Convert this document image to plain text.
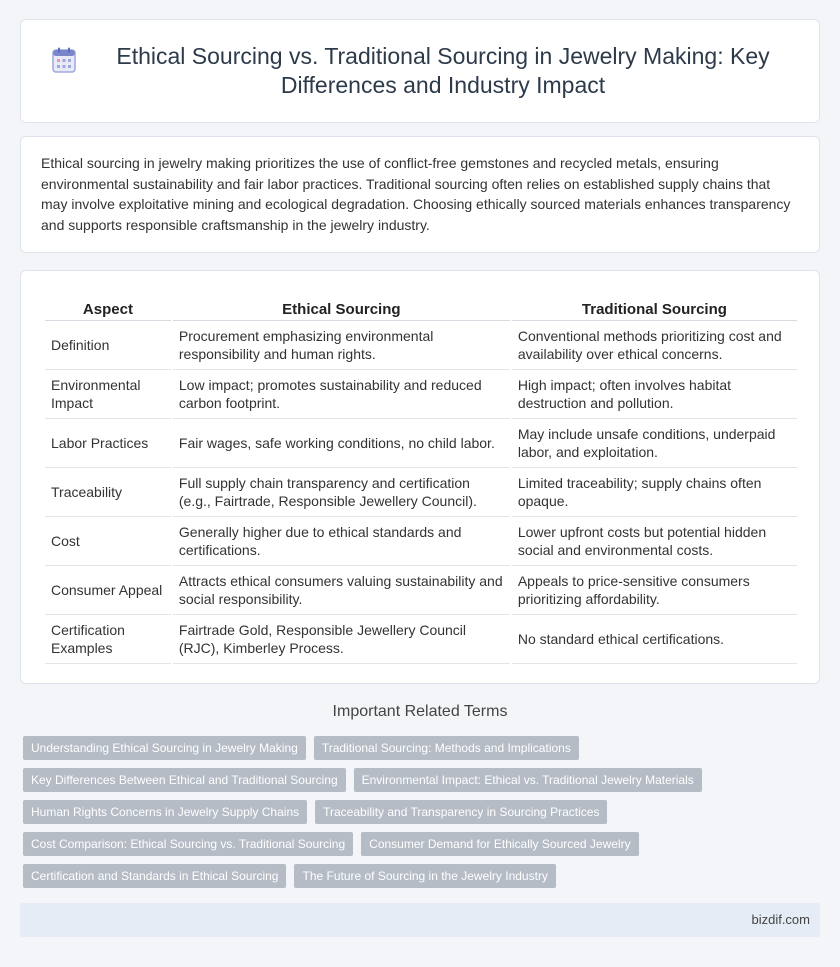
Ethical Sourcing vs. Traditional Sourcing in Jewelry Making: Key Differences and Industry Impact

Ethical sourcing in jewelry making prioritizes the use of conflict-free gemstones and recycled metals, ensuring environmental sustainability and fair labor practices. Traditional sourcing often relies on established supply chains that may involve exploitative mining and ecological degradation. Choosing ethically sourced materials enhances transparency and supports responsible craftsmanship in the jewelry industry.

Aspect	Ethical Sourcing	Traditional Sourcing
Definition	Procurement emphasizing environmental responsibility and human rights.	Conventional methods prioritizing cost and availability over ethical concerns.
Environmental Impact	Low impact; promotes sustainability and reduced carbon footprint.	High impact; often involves habitat destruction and pollution.
Labor Practices	Fair wages, safe working conditions, no child labor.	May include unsafe conditions, underpaid labor, and exploitation.
Traceability	Full supply chain transparency and certification (e.g., Fairtrade, Responsible Jewellery Council).	Limited traceability; supply chains often opaque.
Cost	Generally higher due to ethical standards and certifications.	Lower upfront costs but potential hidden social and environmental costs.
Consumer Appeal	Attracts ethical consumers valuing sustainability and social responsibility.	Appeals to price-sensitive consumers prioritizing affordability.
Certification Examples	Fairtrade Gold, Responsible Jewellery Council (RJC), Kimberley Process.	No standard ethical certifications.
Important Related Terms
Understanding Ethical Sourcing in Jewelry Making	Traditional Sourcing: Methods and Implications
Key Differences Between Ethical and Traditional Sourcing	Environmental Impact: Ethical vs. Traditional Jewelry Materials
Human Rights Concerns in Jewelry Supply Chains	Traceability and Transparency in Sourcing Practices
Cost Comparison: Ethical Sourcing vs. Traditional Sourcing	Consumer Demand for Ethically Sourced Jewelry
Certification and Standards in Ethical Sourcing	The Future of Sourcing in the Jewelry Industry
bizdif.com
